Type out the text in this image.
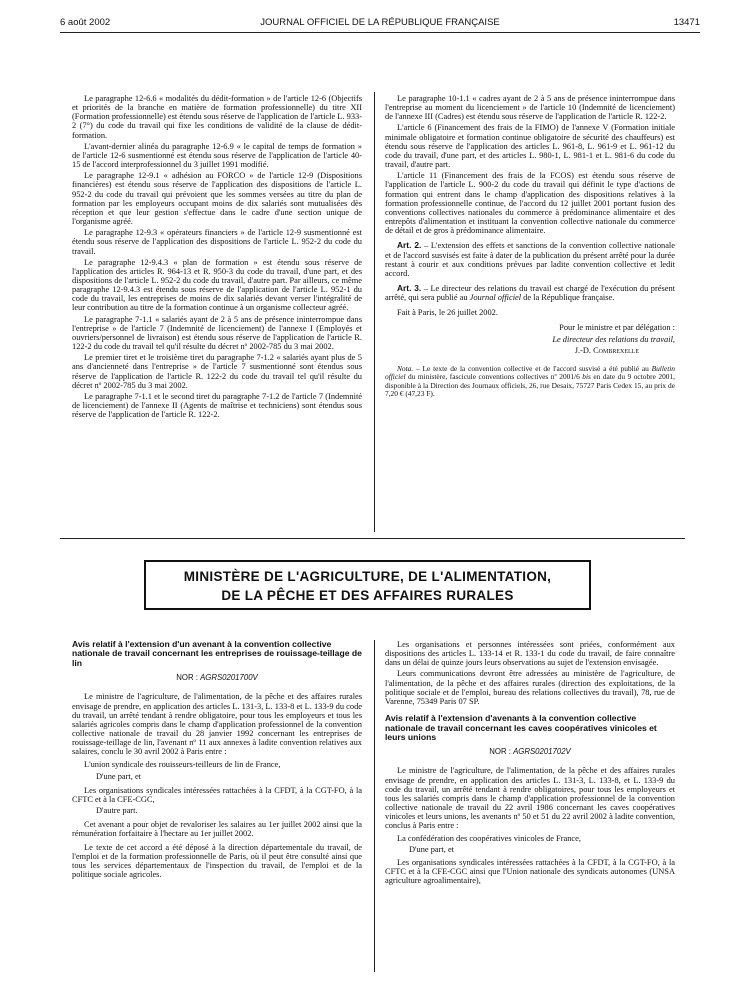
6 août 2002	JOURNAL OFFICIEL DE LA RÉPUBLIQUE FRANÇAISE	13471

Le paragraphe 12-6.6 « modalités du dédit-formation » de l'article 12-6 (Objectifs et priorités de la branche en matière de formation professionnelle) du titre XII (Formation professionnelle) est étendu sous réserve de l'application de l'article L. 933-2 (7°) du code du travail qui fixe les conditions de validité de la clause de dédit-formation.

L'avant-dernier alinéa du paragraphe 12-6.9 « le capital de temps de formation » de l'article 12-6 susmentionné est étendu sous réserve de l'application de l'article 40-15 de l'accord interprofessionnel du 3 juillet 1991 modifié.

Le paragraphe 12-9.1 « adhésion au FORCO » de l'article 12-9 (Dispositions financières) est étendu sous réserve de l'application des dispositions de l'article L. 952-2 du code du travail qui prévoient que les sommes versées au titre du plan de formation par les employeurs occupant moins de dix salariés sont mutualisées dès réception et que leur gestion s'effectue dans le cadre d'une section unique de l'organisme agréé.

Le paragraphe 12-9.3 « opérateurs financiers » de l'article 12-9 susmentionné est étendu sous réserve de l'application des dispositions de l'article L. 952-2 du code du travail.

Le paragraphe 12-9.4.3 « plan de formation » est étendu sous réserve de l'application des articles R. 964-13 et R. 950-3 du code du travail, d'une part, et des dispositions de l'article L. 952-2 du code du travail, d'autre part. Par ailleurs, ce même paragraphe 12-9.4.3 est étendu sous réserve de l'application de l'article L. 952-1 du code du travail, les entreprises de moins de dix salariés devant verser l'intégralité de leur contribution au titre de la formation continue à un organisme collecteur agréé.

Le paragraphe 7-1.1 « salariés ayant de 2 à 5 ans de présence ininterrompue dans l'entreprise » de l'article 7 (Indemnité de licenciement) de l'annexe I (Employés et ouvriers/personnel de livraison) est étendu sous réserve de l'application de l'article R. 122-2 du code du travail tel qu'il résulte du décret nº 2002-785 du 3 mai 2002.

Le premier tiret et le troisième tiret du paragraphe 7-1.2 « salariés ayant plus de 5 ans d'ancienneté dans l'entreprise » de l'article 7 susmentionné sont étendus sous réserve de l'application de l'article R. 122-2 du code du travail tel qu'il résulte du décret nº 2002-785 du 3 mai 2002.

Le paragraphe 7-1.1 et le second tiret du paragraphe 7-1.2 de l'article 7 (Indemnité de licenciement) de l'annexe II (Agents de maîtrise et techniciens) sont étendus sous réserve de l'application de l'article R. 122-2.

Le paragraphe 10-1.1 « cadres ayant de 2 à 5 ans de présence ininterrompue dans l'entreprise au moment du licenciement » de l'article 10 (Indemnité de licenciement) de l'annexe III (Cadres) est étendu sous réserve de l'application de l'article R. 122-2.

L'article 6 (Financement des frais de la FIMO) de l'annexe V (Formation initiale minimale obligatoire et formation continue obligatoire de sécurité des chauffeurs) est étendu sous réserve de l'application des articles L. 961-8, L. 961-9 et L. 961-12 du code du travail, d'une part, et des articles L. 980-1, L. 981-1 et L. 981-6 du code du travail, d'autre part.

L'article 11 (Financement des frais de la FCOS) est étendu sous réserve de l'application de l'article L. 900-2 du code du travail qui définit le type d'actions de formation qui entrent dans le champ d'application des dispositions relatives à la formation professionnelle continue, de l'accord du 12 juillet 2001 portant fusion des conventions collectives nationales du commerce à prédominance alimentaire et des entrepôts d'alimentation et instituant la convention collective nationale du commerce de détail et de gros à prédominance alimentaire.

Art. 2. – L'extension des effets et sanctions de la convention collective nationale et de l'accord susvisés est faite à dater de la publication du présent arrêté pour la durée restant à courir et aux conditions prévues par ladite convention collective et ledit accord.

Art. 3. – Le directeur des relations du travail est chargé de l'exécution du présent arrêté, qui sera publié au Journal officiel de la République française.

Fait à Paris, le 26 juillet 2002.

Pour le ministre et par délégation :

Le directeur des relations du travail,

J.-D. Combrexelle

Nota. – Le texte de la convention collective et de l'accord susvisé a été publié au Bulletin officiel du ministère, fascicule conventions collectives nº 2001/6 bis en date du 9 octobre 2001, disponible à la Direction des Journaux officiels, 26, rue Desaix, 75727 Paris Cedex 15, au prix de 7,20 € (47,23 F).

MINISTÈRE DE L'AGRICULTURE, DE L'ALIMENTATION,
DE LA PÊCHE ET DES AFFAIRES RURALES

Avis relatif à l'extension d'un avenant à la convention collective nationale de travail concernant les entreprises de rouissage-teillage de lin

NOR : AGRS0201700V

Le ministre de l'agriculture, de l'alimentation, de la pêche et des affaires rurales envisage de prendre, en application des articles L. 131-3, L. 133-8 et L. 133-9 du code du travail, un arrêté tendant à rendre obligatoire, pour tous les employeurs et tous les salariés agricoles compris dans le champ d'application professionnel de la convention collective nationale de travail du 28 janvier 1992 concernant les entreprises de rouissage-teillage de lin, l'avenant nº 11 aux annexes à ladite convention relatives aux salaires, conclu le 30 avril 2002 à Paris entre :

L'union syndicale des rouisseurs-teilleurs de lin de France,

D'une part, et

Les organisations syndicales intéressées rattachées à la CFDT, à la CGT-FO, à la CFTC et à la CFE-CGC,

D'autre part.

Cet avenant a pour objet de revaloriser les salaires au 1er juillet 2002 ainsi que la rémunération forfaitaire à l'hectare au 1er juillet 2002.

Le texte de cet accord a été déposé à la direction départementale du travail, de l'emploi et de la formation professionnelle de Paris, où il peut être consulté ainsi que tous les services départementaux de l'inspection du travail, de l'emploi et de la politique sociale agricoles.

Les organisations et personnes intéressées sont priées, conformément aux dispositions des articles L. 133-14 et R. 133-1 du code du travail, de faire connaître dans un délai de quinze jours leurs observations au sujet de l'extension envisagée.

Leurs communications devront être adressées au ministère de l'agriculture, de l'alimentation, de la pêche et des affaires rurales (direction des exploitations, de la politique sociale et de l'emploi, bureau des relations collectives du travail), 78, rue de Varenne, 75349 Paris 07 SP.

Avis relatif à l'extension d'avenants à la convention collective nationale de travail concernant les caves coopératives vinicoles et leurs unions

NOR : AGRS0201702V

Le ministre de l'agriculture, de l'alimentation, de la pêche et des affaires rurales envisage de prendre, en application des articles L. 131-3, L. 133-8, et L. 133-9 du code du travail, un arrêté tendant à rendre obligatoires, pour tous les employeurs et tous les salariés compris dans le champ d'application professionnel de la convention collective nationale de travail du 22 avril 1986 concernant les caves coopératives vinicoles et leurs unions, les avenants nº 50 et 51 du 22 avril 2002 à ladite convention, conclus à Paris entre :

La confédération des coopératives vinicoles de France,

D'une part, et

Les organisations syndicales intéressées rattachées à la CFDT, à la CGT-FO, à la CFTC et à la CFE-CGC ainsi que l'Union nationale des syndicats autonomes (UNSA agriculture agroalimentaire),
